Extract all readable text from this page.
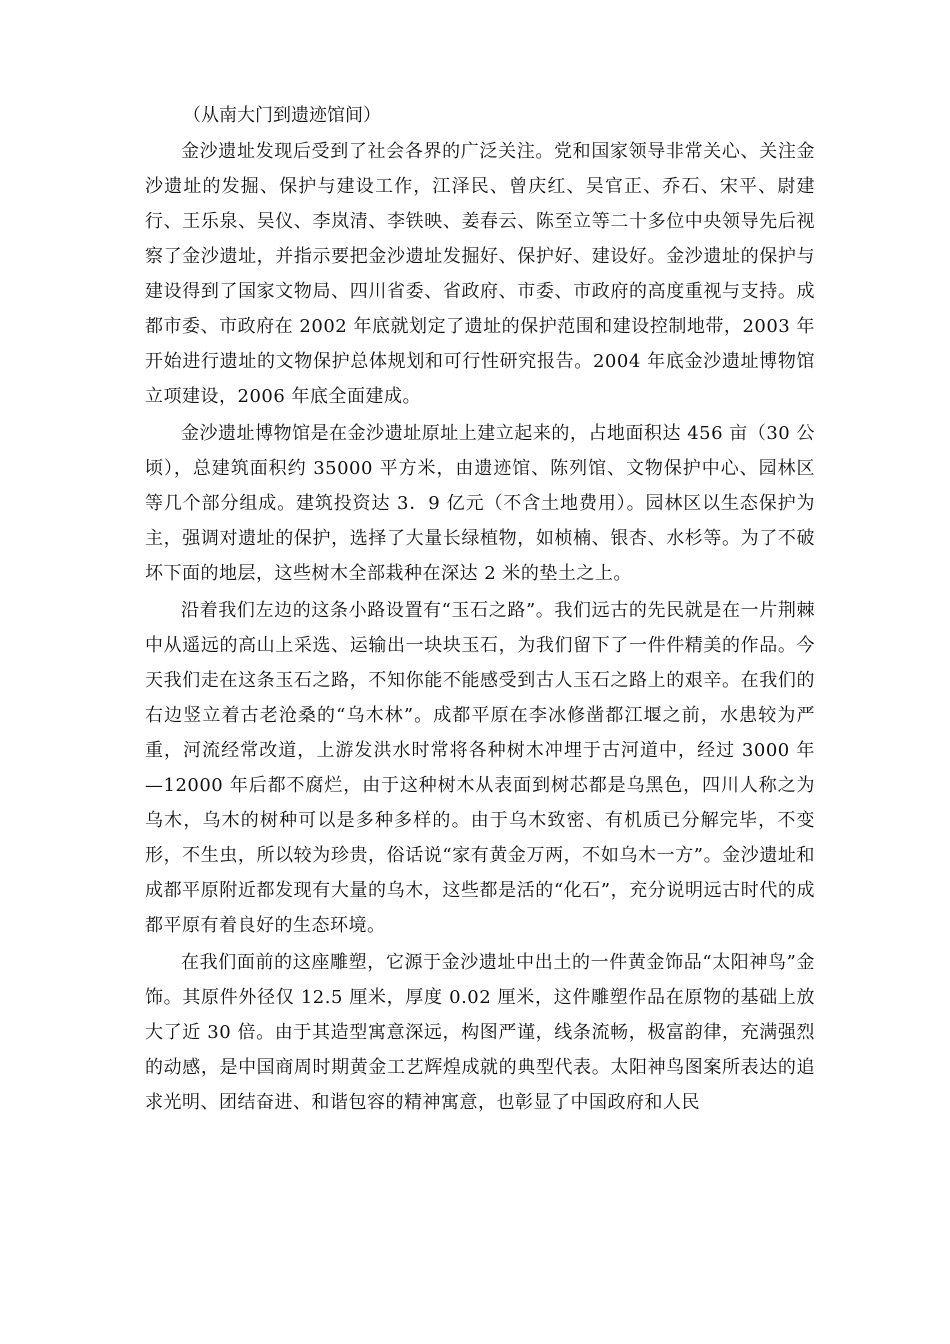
（从南大门到遗迹馆间）

金沙遗址发现后受到了社会各界的广泛关注。党和国家领导非常关心、关注金沙遗址的发掘、保护与建设工作，江泽民、曾庆红、吴官正、乔石、宋平、尉建行、王乐泉、吴仪、李岚清、李铁映、姜春云、陈至立等二十多位中央领导先后视察了金沙遗址，并指示要把金沙遗址发掘好、保护好、建设好。金沙遗址的保护与建设得到了国家文物局、四川省委、省政府、市委、市政府的高度重视与支持。成都市委、市政府在 2002 年底就划定了遗址的保护范围和建设控制地带，2003 年开始进行遗址的文物保护总体规划和可行性研究报告。2004 年底金沙遗址博物馆立项建设，2006 年底全面建成。

金沙遗址博物馆是在金沙遗址原址上建立起来的，占地面积达 456 亩（30 公顷），总建筑面积约 35000 平方米，由遗迹馆、陈列馆、文物保护中心、园林区等几个部分组成。建筑投资达 3．9 亿元（不含土地费用）。园林区以生态保护为主，强调对遗址的保护，选择了大量长绿植物，如桢楠、银杏、水杉等。为了不破坏下面的地层，这些树木全部栽种在深达 2 米的垫土之上。

沿着我们左边的这条小路设置有“玉石之路”。我们远古的先民就是在一片荆棘中从遥远的高山上采选、运输出一块块玉石，为我们留下了一件件精美的作品。今天我们走在这条玉石之路，不知你能不能感受到古人玉石之路上的艰辛。在我们的右边竖立着古老沧桑的“乌木林”。成都平原在李冰修凿都江堰之前，水患较为严重，河流经常改道，上游发洪水时常将各种树木冲埋于古河道中，经过 3000 年—12000 年后都不腐烂，由于这种树木从表面到树芯都是乌黑色，四川人称之为乌木，乌木的树种可以是多种多样的。由于乌木致密、有机质已分解完毕，不变形，不生虫，所以较为珍贵，俗话说“家有黄金万两，不如乌木一方”。金沙遗址和成都平原附近都发现有大量的乌木，这些都是活的“化石”，充分说明远古时代的成都平原有着良好的生态环境。

在我们面前的这座雕塑，它源于金沙遗址中出土的一件黄金饰品“太阳神鸟”金饰。其原件外径仅 12.5 厘米，厚度 0.02 厘米，这件雕塑作品在原物的基础上放大了近 30 倍。由于其造型寓意深远，构图严谨，线条流畅，极富韵律，充满强烈的动感，是中国商周时期黄金工艺辉煌成就的典型代表。太阳神鸟图案所表达的追求光明、团结奋进、和谐包容的精神寓意，也彰显了中国政府和人民
